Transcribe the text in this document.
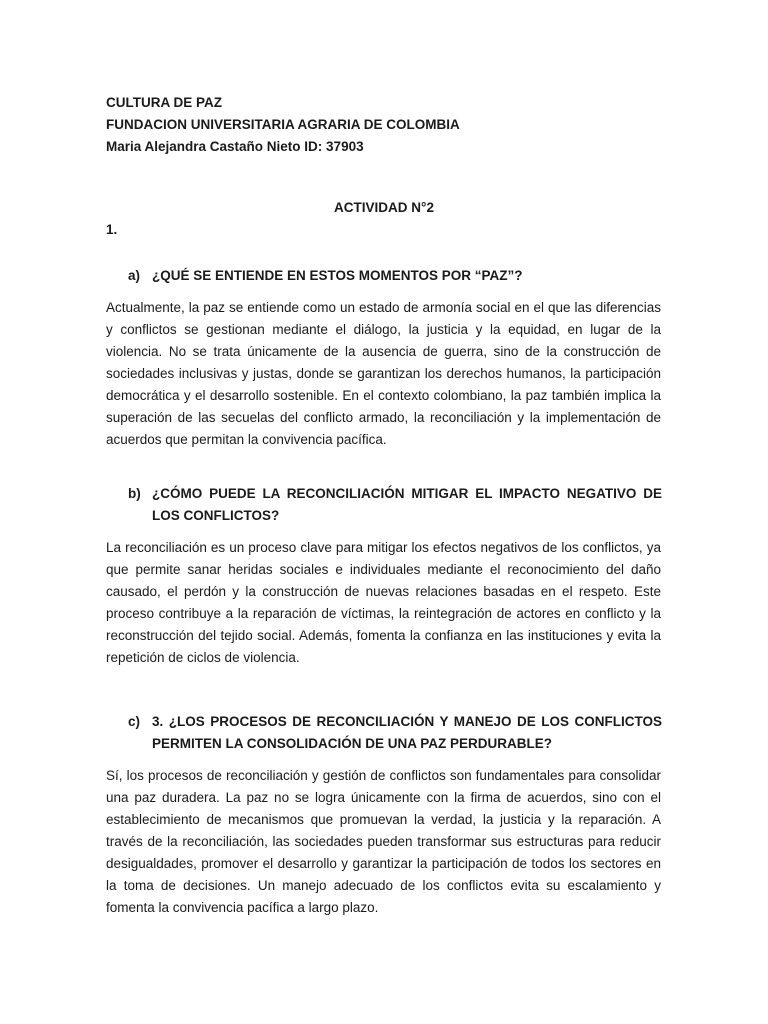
CULTURA DE PAZ
FUNDACION UNIVERSITARIA AGRARIA DE COLOMBIA
Maria Alejandra Castaño Nieto ID: 37903
ACTIVIDAD N°2
1.
a) ¿QUÉ SE ENTIENDE EN ESTOS MOMENTOS POR “PAZ”?
Actualmente, la paz se entiende como un estado de armonía social en el que las diferencias y conflictos se gestionan mediante el diálogo, la justicia y la equidad, en lugar de la violencia. No se trata únicamente de la ausencia de guerra, sino de la construcción de sociedades inclusivas y justas, donde se garantizan los derechos humanos, la participación democrática y el desarrollo sostenible. En el contexto colombiano, la paz también implica la superación de las secuelas del conflicto armado, la reconciliación y la implementación de acuerdos que permitan la convivencia pacífica.
b) ¿CÓMO PUEDE LA RECONCILIACIÓN MITIGAR EL IMPACTO NEGATIVO DE LOS CONFLICTOS?
La reconciliación es un proceso clave para mitigar los efectos negativos de los conflictos, ya que permite sanar heridas sociales e individuales mediante el reconocimiento del daño causado, el perdón y la construcción de nuevas relaciones basadas en el respeto. Este proceso contribuye a la reparación de víctimas, la reintegración de actores en conflicto y la reconstrucción del tejido social. Además, fomenta la confianza en las instituciones y evita la repetición de ciclos de violencia.
c) 3. ¿LOS PROCESOS DE RECONCILIACIÓN Y MANEJO DE LOS CONFLICTOS PERMITEN LA CONSOLIDACIÓN DE UNA PAZ PERDURABLE?
Sí, los procesos de reconciliación y gestión de conflictos son fundamentales para consolidar una paz duradera. La paz no se logra únicamente con la firma de acuerdos, sino con el establecimiento de mecanismos que promuevan la verdad, la justicia y la reparación. A través de la reconciliación, las sociedades pueden transformar sus estructuras para reducir desigualdades, promover el desarrollo y garantizar la participación de todos los sectores en la toma de decisiones. Un manejo adecuado de los conflictos evita su escalamiento y fomenta la convivencia pacífica a largo plazo.
